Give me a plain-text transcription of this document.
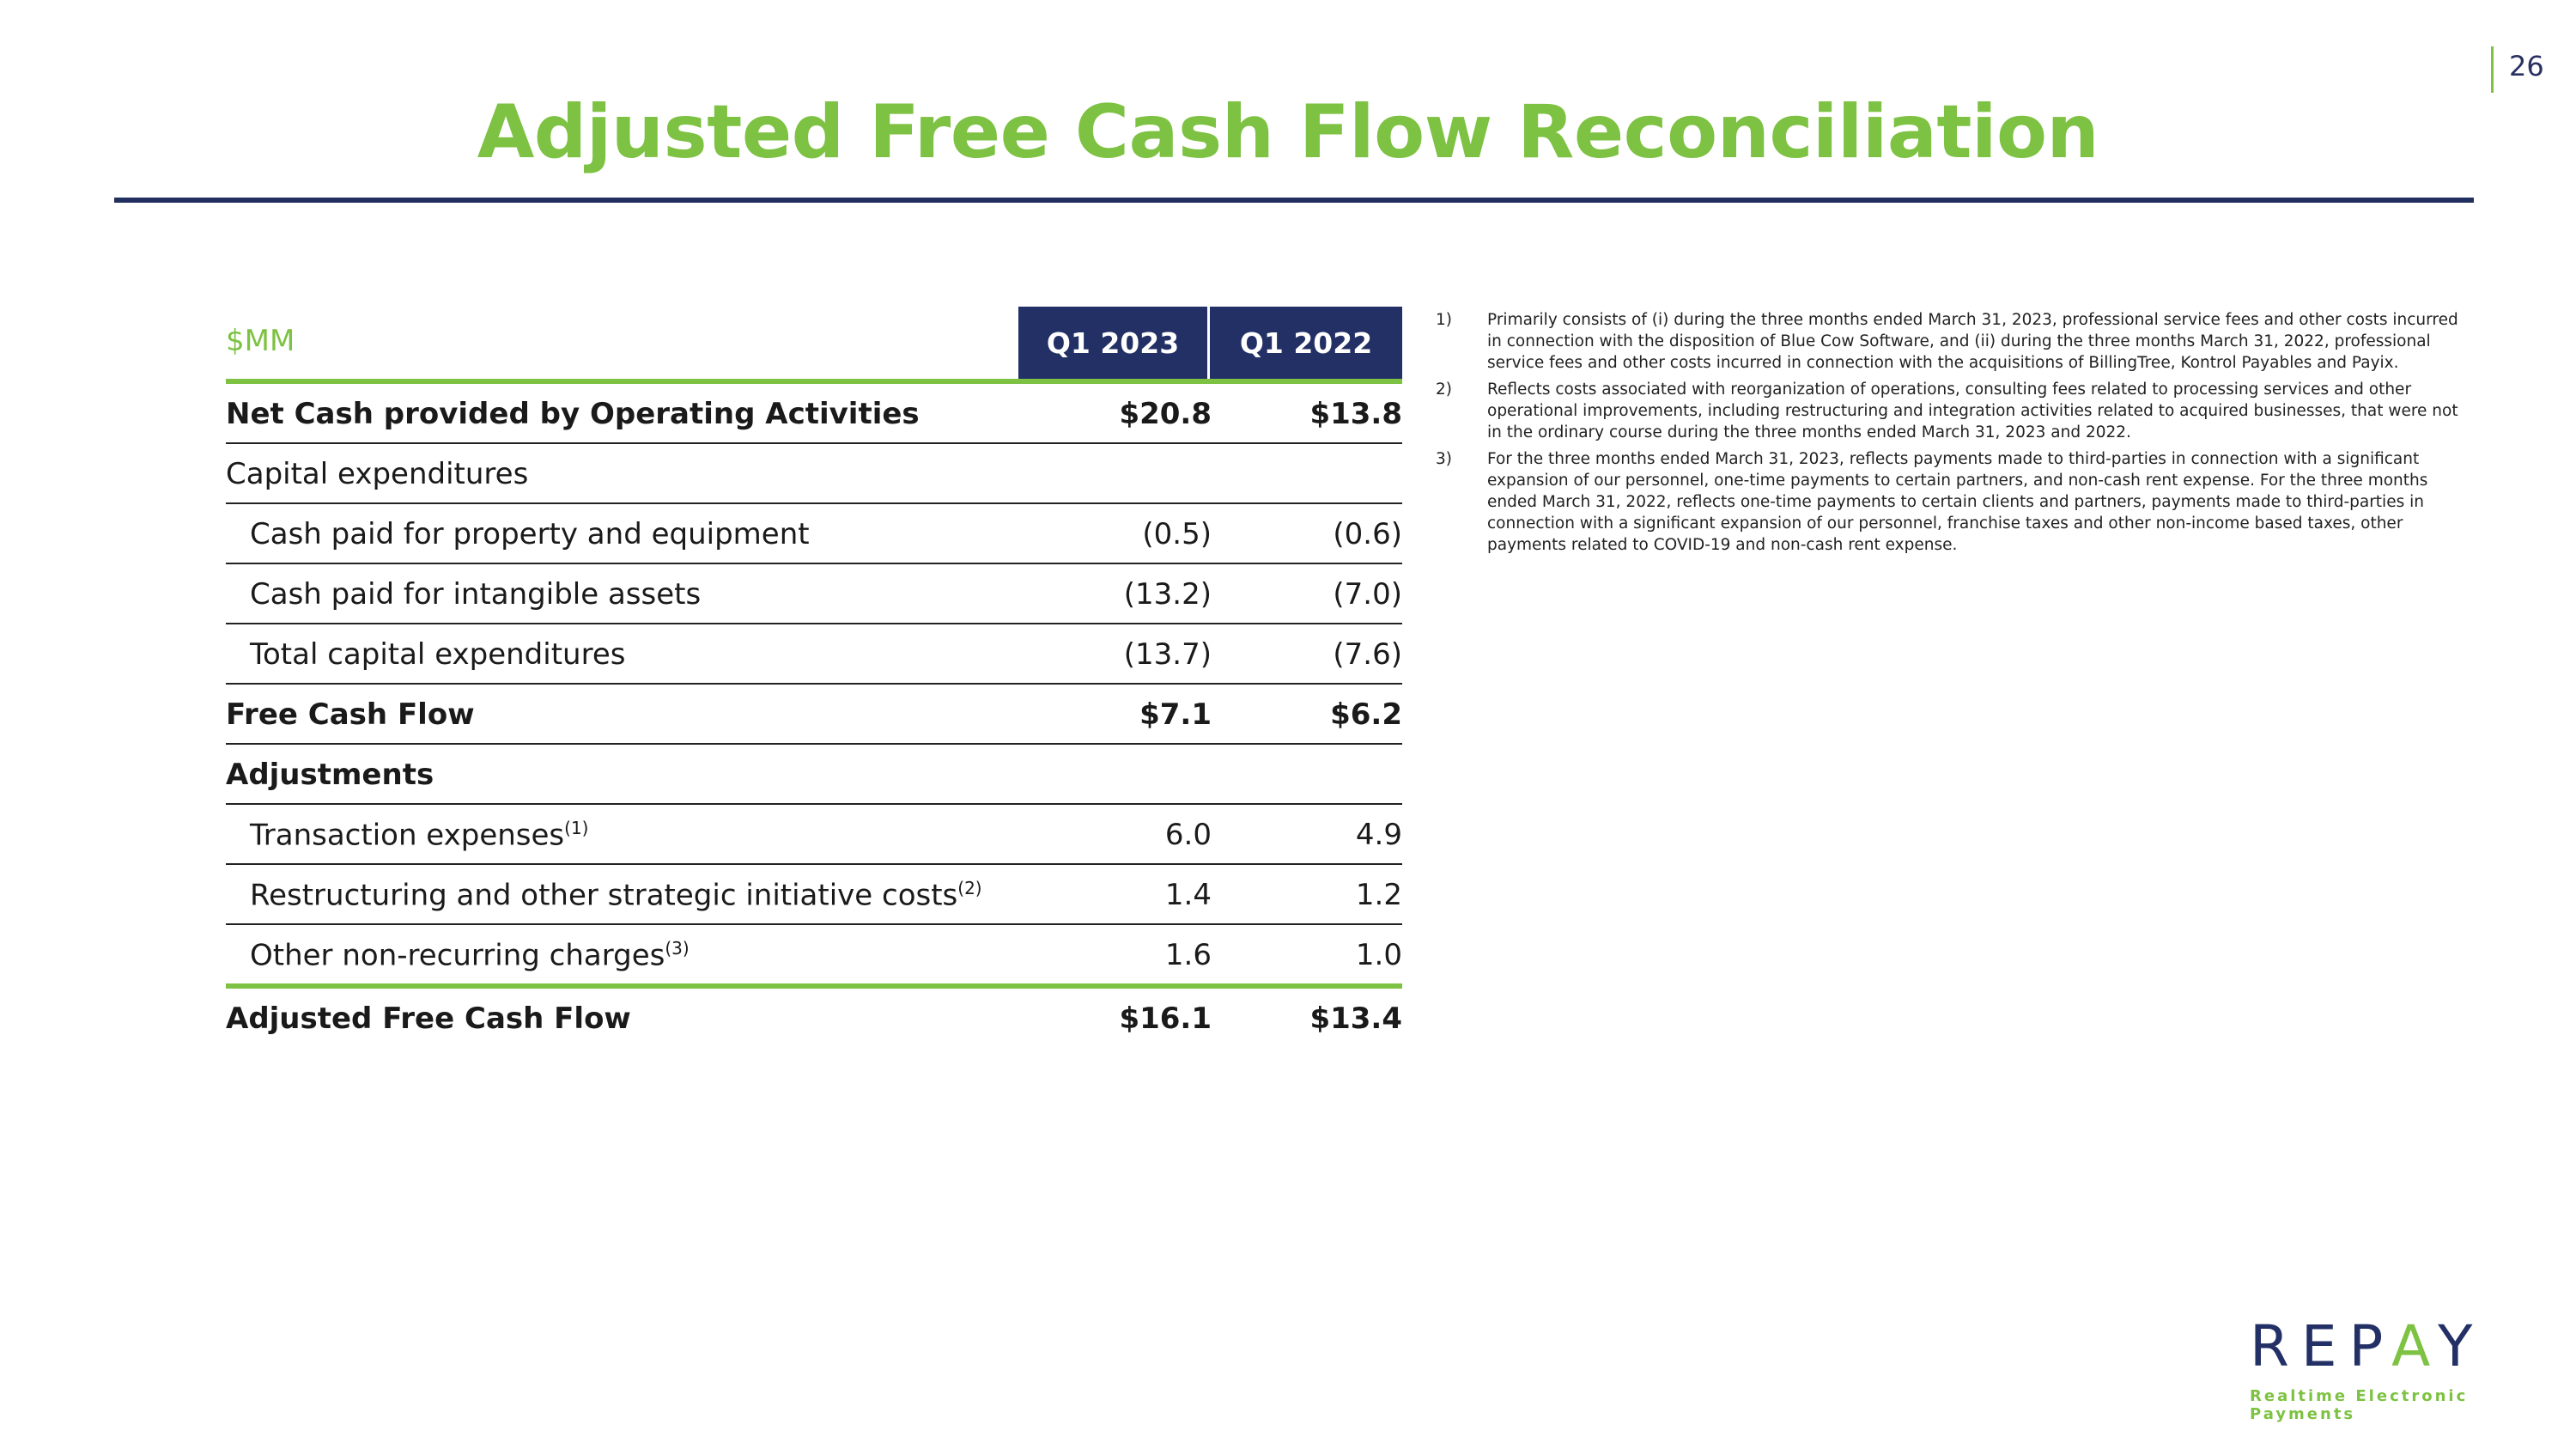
26
Adjusted Free Cash Flow Reconciliation
$MM	Q1 2023	Q1 2022
Net Cash provided by Operating Activities	$20.8	$13.8
Capital expenditures
Cash paid for property and equipment	(0.5)	(0.6)
Cash paid for intangible assets	(13.2)	(7.0)
Total capital expenditures	(13.7)	(7.6)
Free Cash Flow	$7.1	$6.2
Adjustments
Transaction expenses$^{(1)}$	6.0	4.9
Restructuring and other strategic initiative costs$^{(2)}$	1.4	1.2
Other non-recurring charges$^{(3)}$	1.6	1.0
Adjusted Free Cash Flow	$16.1	$13.4
1) Primarily consists of (i) during the three months ended March 31, 2023, professional service fees and other costs incurred in connection with the disposition of Blue Cow Software, and (ii) during the three months March 31, 2022, professional service fees and other costs incurred in connection with the acquisitions of BillingTree, Kontrol Payables and Payix.
2) Reflects costs associated with reorganization of operations, consulting fees related to processing services and other operational improvements, including restructuring and integration activities related to acquired businesses, that were not in the ordinary course during the three months ended March 31, 2023 and 2022.
3) For the three months ended March 31, 2023, reflects payments made to third-parties in connection with a significant expansion of our personnel, one-time payments to certain partners, and non-cash rent expense. For the three months ended March 31, 2022, reflects one-time payments to certain clients and partners, payments made to third-parties in connection with a significant expansion of our personnel, franchise taxes and other non-income based taxes, other payments related to COVID-19 and non-cash rent expense.
REPAY
Realtime Electronic Payments
